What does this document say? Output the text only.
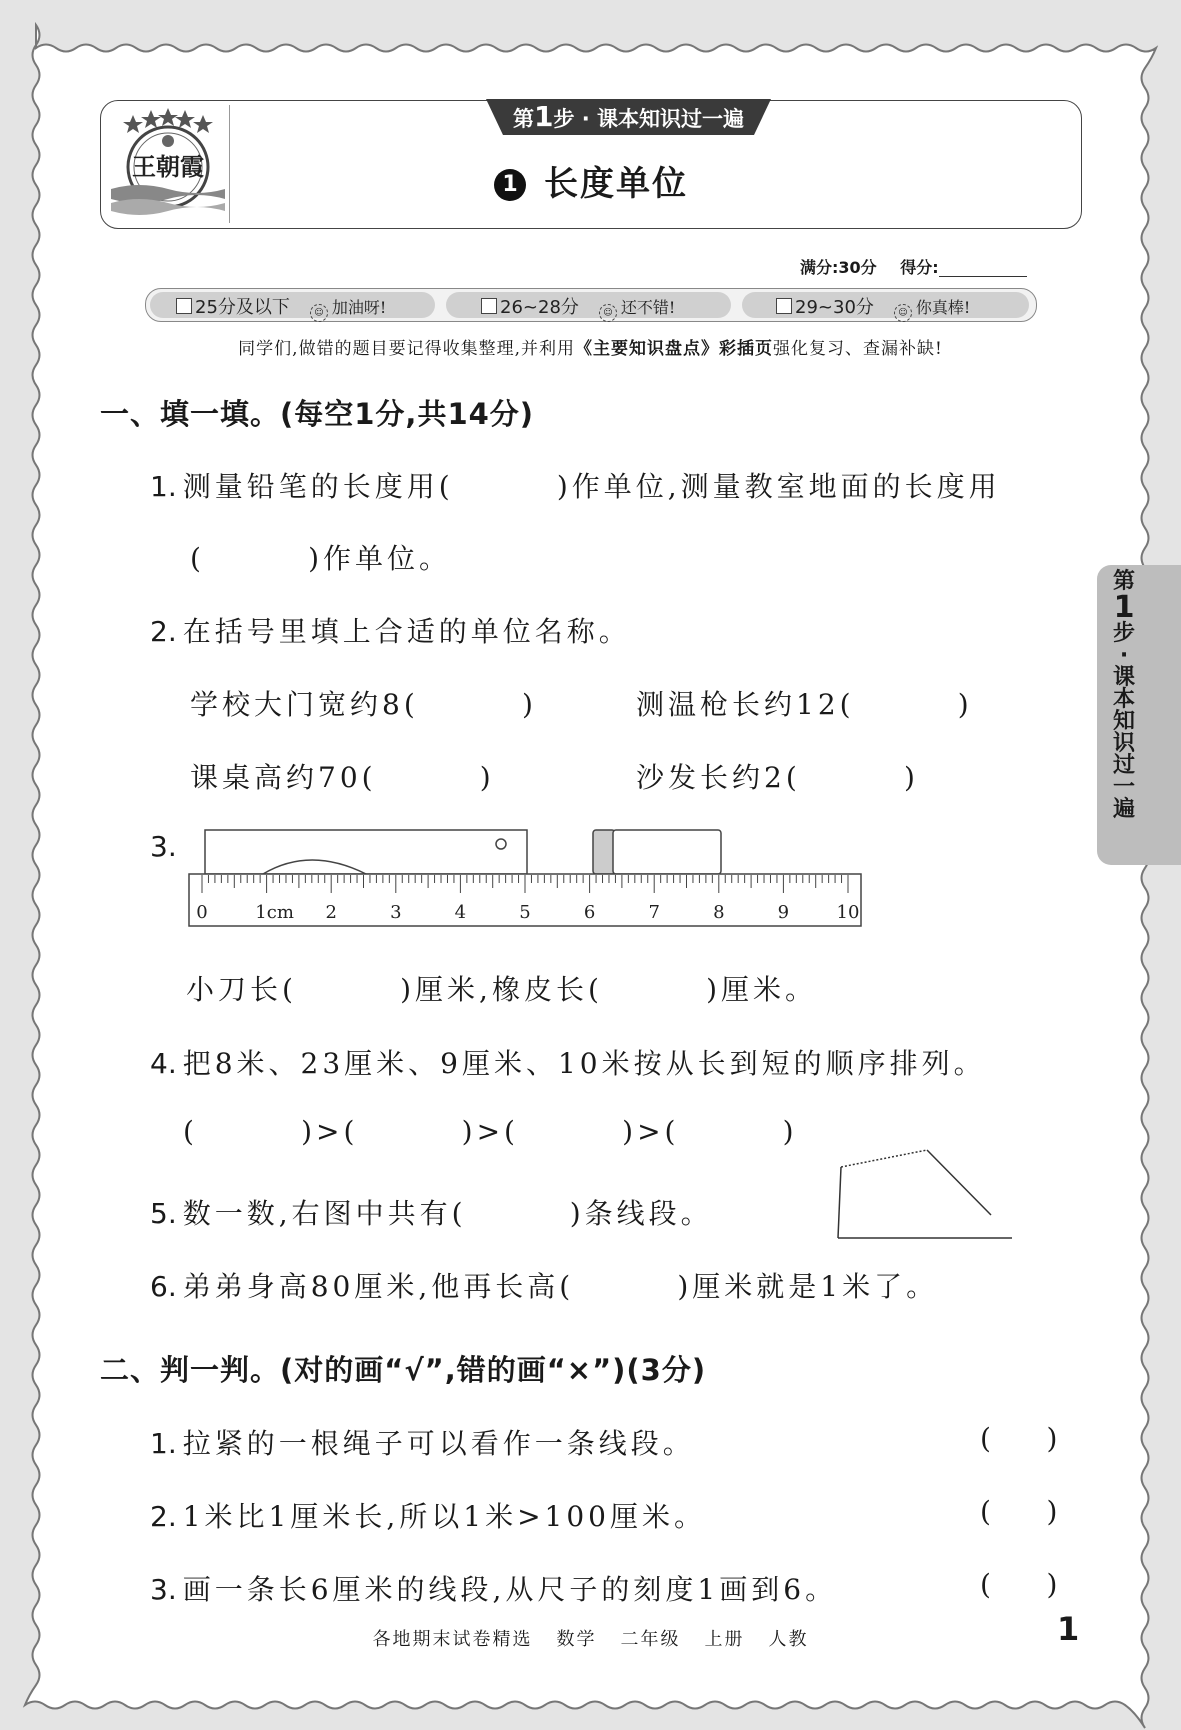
王朝霞
第1步 · 课本知识过一遍
1 长度单位
满分:30分 得分:
25分及以下	☺ 加油呀!	26~28分	☺ 还不错!	29~30分	☺ 你真棒!
同学们,做错的题目要记得收集整理,并利用《主要知识盘点》彩插页强化复习、查漏补缺!
一、填一填。(每空1分,共14分)
1. 测量铅笔的长度用(        )作单位,测量教室地面的长度用
(        )作单位。
2. 在括号里填上合适的单位名称。
学校大门宽约8(        )	测温枪长约12(        )
课桌高约70(        )	沙发长约2(        )
3.
0	1cm 2	3	4	5	6	7	8	9	10
小刀长(        )厘米,橡皮长(        )厘米。
4. 把8米、23厘米、9厘米、10米按从长到短的顺序排列。
(        )>(        )>(        )>(        )
5. 数一数,右图中共有(        )条线段。
6. 弟弟身高80厘米,他再长高(        )厘米就是1米了。
二、判一判。(对的画“√”,错的画“×”)(3分)
1. 拉紧的一根绳子可以看作一条线段。	(    )
2. 1米比1厘米长,所以1米>100厘米。	(    )
3. 画一条长6厘米的线段,从尺子的刻度1画到6。	(    )
第
1
步
·
课
本
知
识
过
一
遍
各地期末试卷精选 数学 二年级 上册 人教	1
